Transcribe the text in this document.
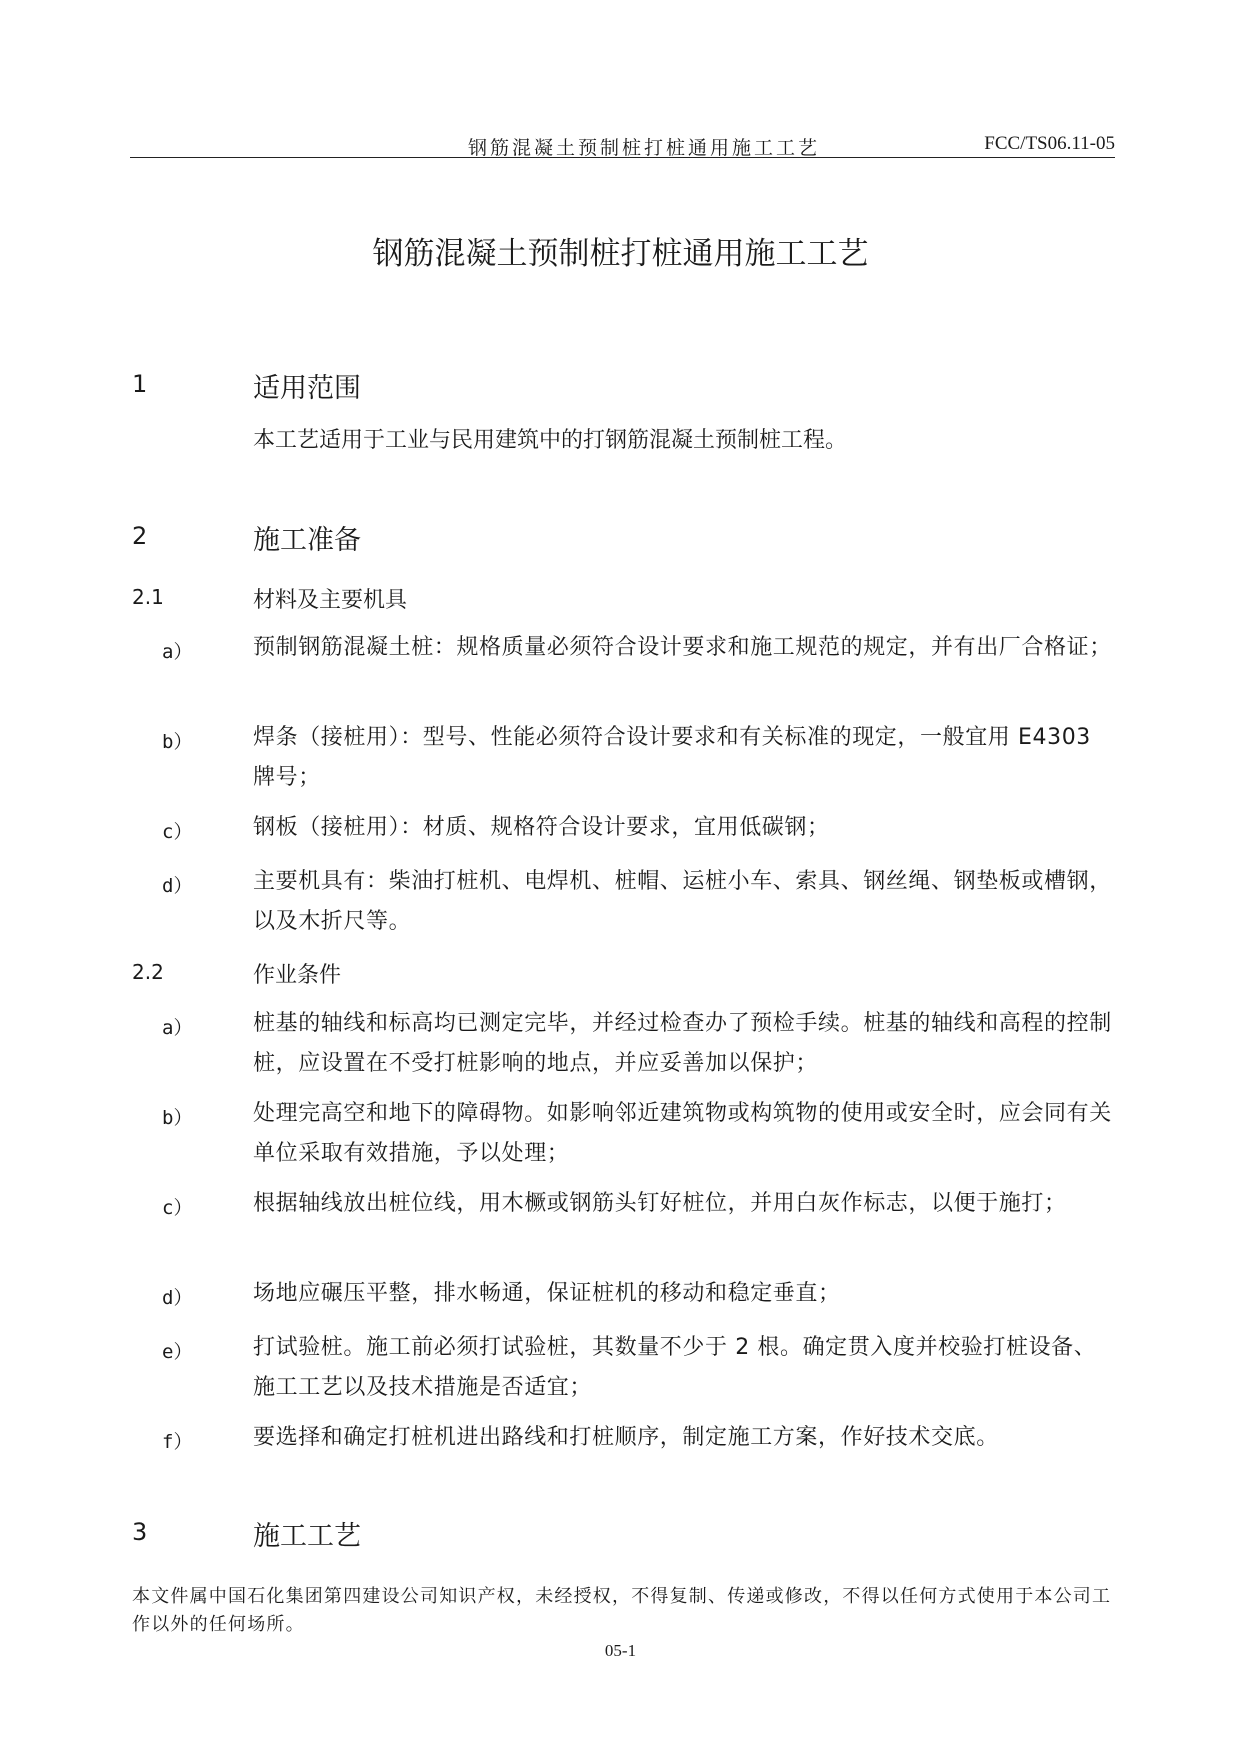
钢筋混凝土预制桩打桩通用施工工艺	FCC/TS06.11-05
钢筋混凝土预制桩打桩通用施工工艺
1	适用范围
本工艺适用于工业与民用建筑中的打钢筋混凝土预制桩工程。
2	施工准备
2.1	材料及主要机具
a）	预制钢筋混凝土桩：规格质量必须符合设计要求和施工规范的规定，并有出厂合格证；
b）	焊条（接桩用）：型号、性能必须符合设计要求和有关标准的现定，一般宜用 E4303 牌号；
c）	钢板（接桩用）：材质、规格符合设计要求，宜用低碳钢；
d）	主要机具有：柴油打桩机、电焊机、桩帽、运桩小车、索具、钢丝绳、钢垫板或槽钢，以及木折尺等。
2.2	作业条件
a）	桩基的轴线和标高均已测定完毕，并经过检查办了预检手续。桩基的轴线和高程的控制桩，应设置在不受打桩影响的地点，并应妥善加以保护；
b）	处理完高空和地下的障碍物。如影响邻近建筑物或构筑物的使用或安全时，应会同有关单位采取有效措施，予以处理；
c）	根据轴线放出桩位线，用木橛或钢筋头钉好桩位，并用白灰作标志，以便于施打；
d）	场地应碾压平整，排水畅通，保证桩机的移动和稳定垂直；
e）	打试验桩。施工前必须打试验桩，其数量不少于 2 根。确定贯入度并校验打桩设备、施工工艺以及技术措施是否适宜；
f）	要选择和确定打桩机进出路线和打桩顺序，制定施工方案，作好技术交底。
3	施工工艺
本文件属中国石化集团第四建设公司知识产权，未经授权，不得复制、传递或修改，不得以任何方式使用于本公司工作以外的任何场所。
05-1
